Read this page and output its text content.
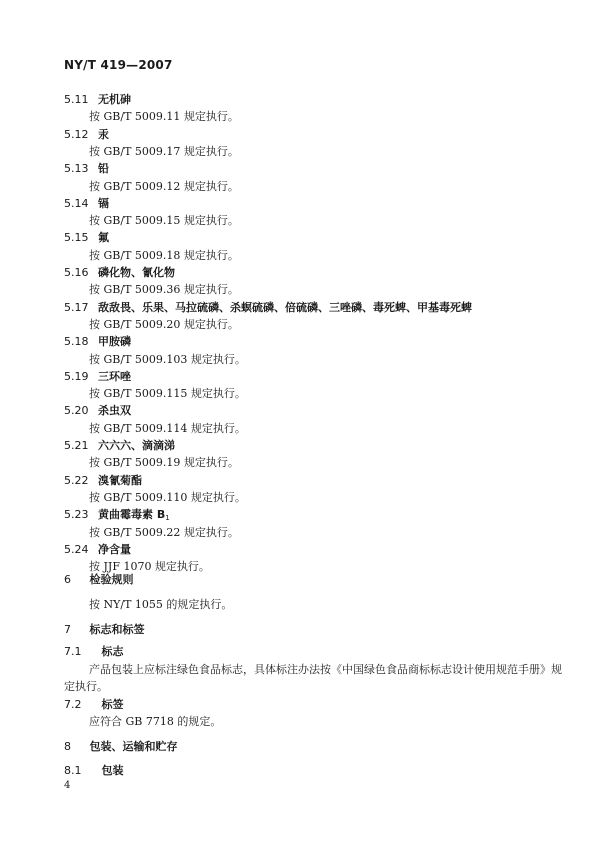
NY/T 419—2007
5.11 无机砷
按 GB/T 5009.11 规定执行。
5.12 汞
按 GB/T 5009.17 规定执行。
5.13 铅
按 GB/T 5009.12 规定执行。
5.14 镉
按 GB/T 5009.15 规定执行。
5.15 氟
按 GB/T 5009.18 规定执行。
5.16 磷化物、氰化物
按 GB/T 5009.36 规定执行。
5.17 敌敌畏、乐果、马拉硫磷、杀螟硫磷、倍硫磷、三唑磷、毒死蜱、甲基毒死蜱
按 GB/T 5009.20 规定执行。
5.18 甲胺磷
按 GB/T 5009.103 规定执行。
5.19 三环唑
按 GB/T 5009.115 规定执行。
5.20 杀虫双
按 GB/T 5009.114 规定执行。
5.21 六六六、滴滴涕
按 GB/T 5009.19 规定执行。
5.22 溴氰菊酯
按 GB/T 5009.110 规定执行。
5.23 黄曲霉毒素 $B_1$
按 GB/T 5009.22 规定执行。
5.24 净含量
按 JJF 1070 规定执行。
6 检验规则
按 NY/T 1055 的规定执行。
7 标志和标签
7.1 标志
产品包装上应标注绿色食品标志，具体标注办法按《中国绿色食品商标标志设计使用规范手册》规
定执行。
7.2 标签
应符合 GB 7718 的规定。
8 包装、运输和贮存
8.1 包装
4
